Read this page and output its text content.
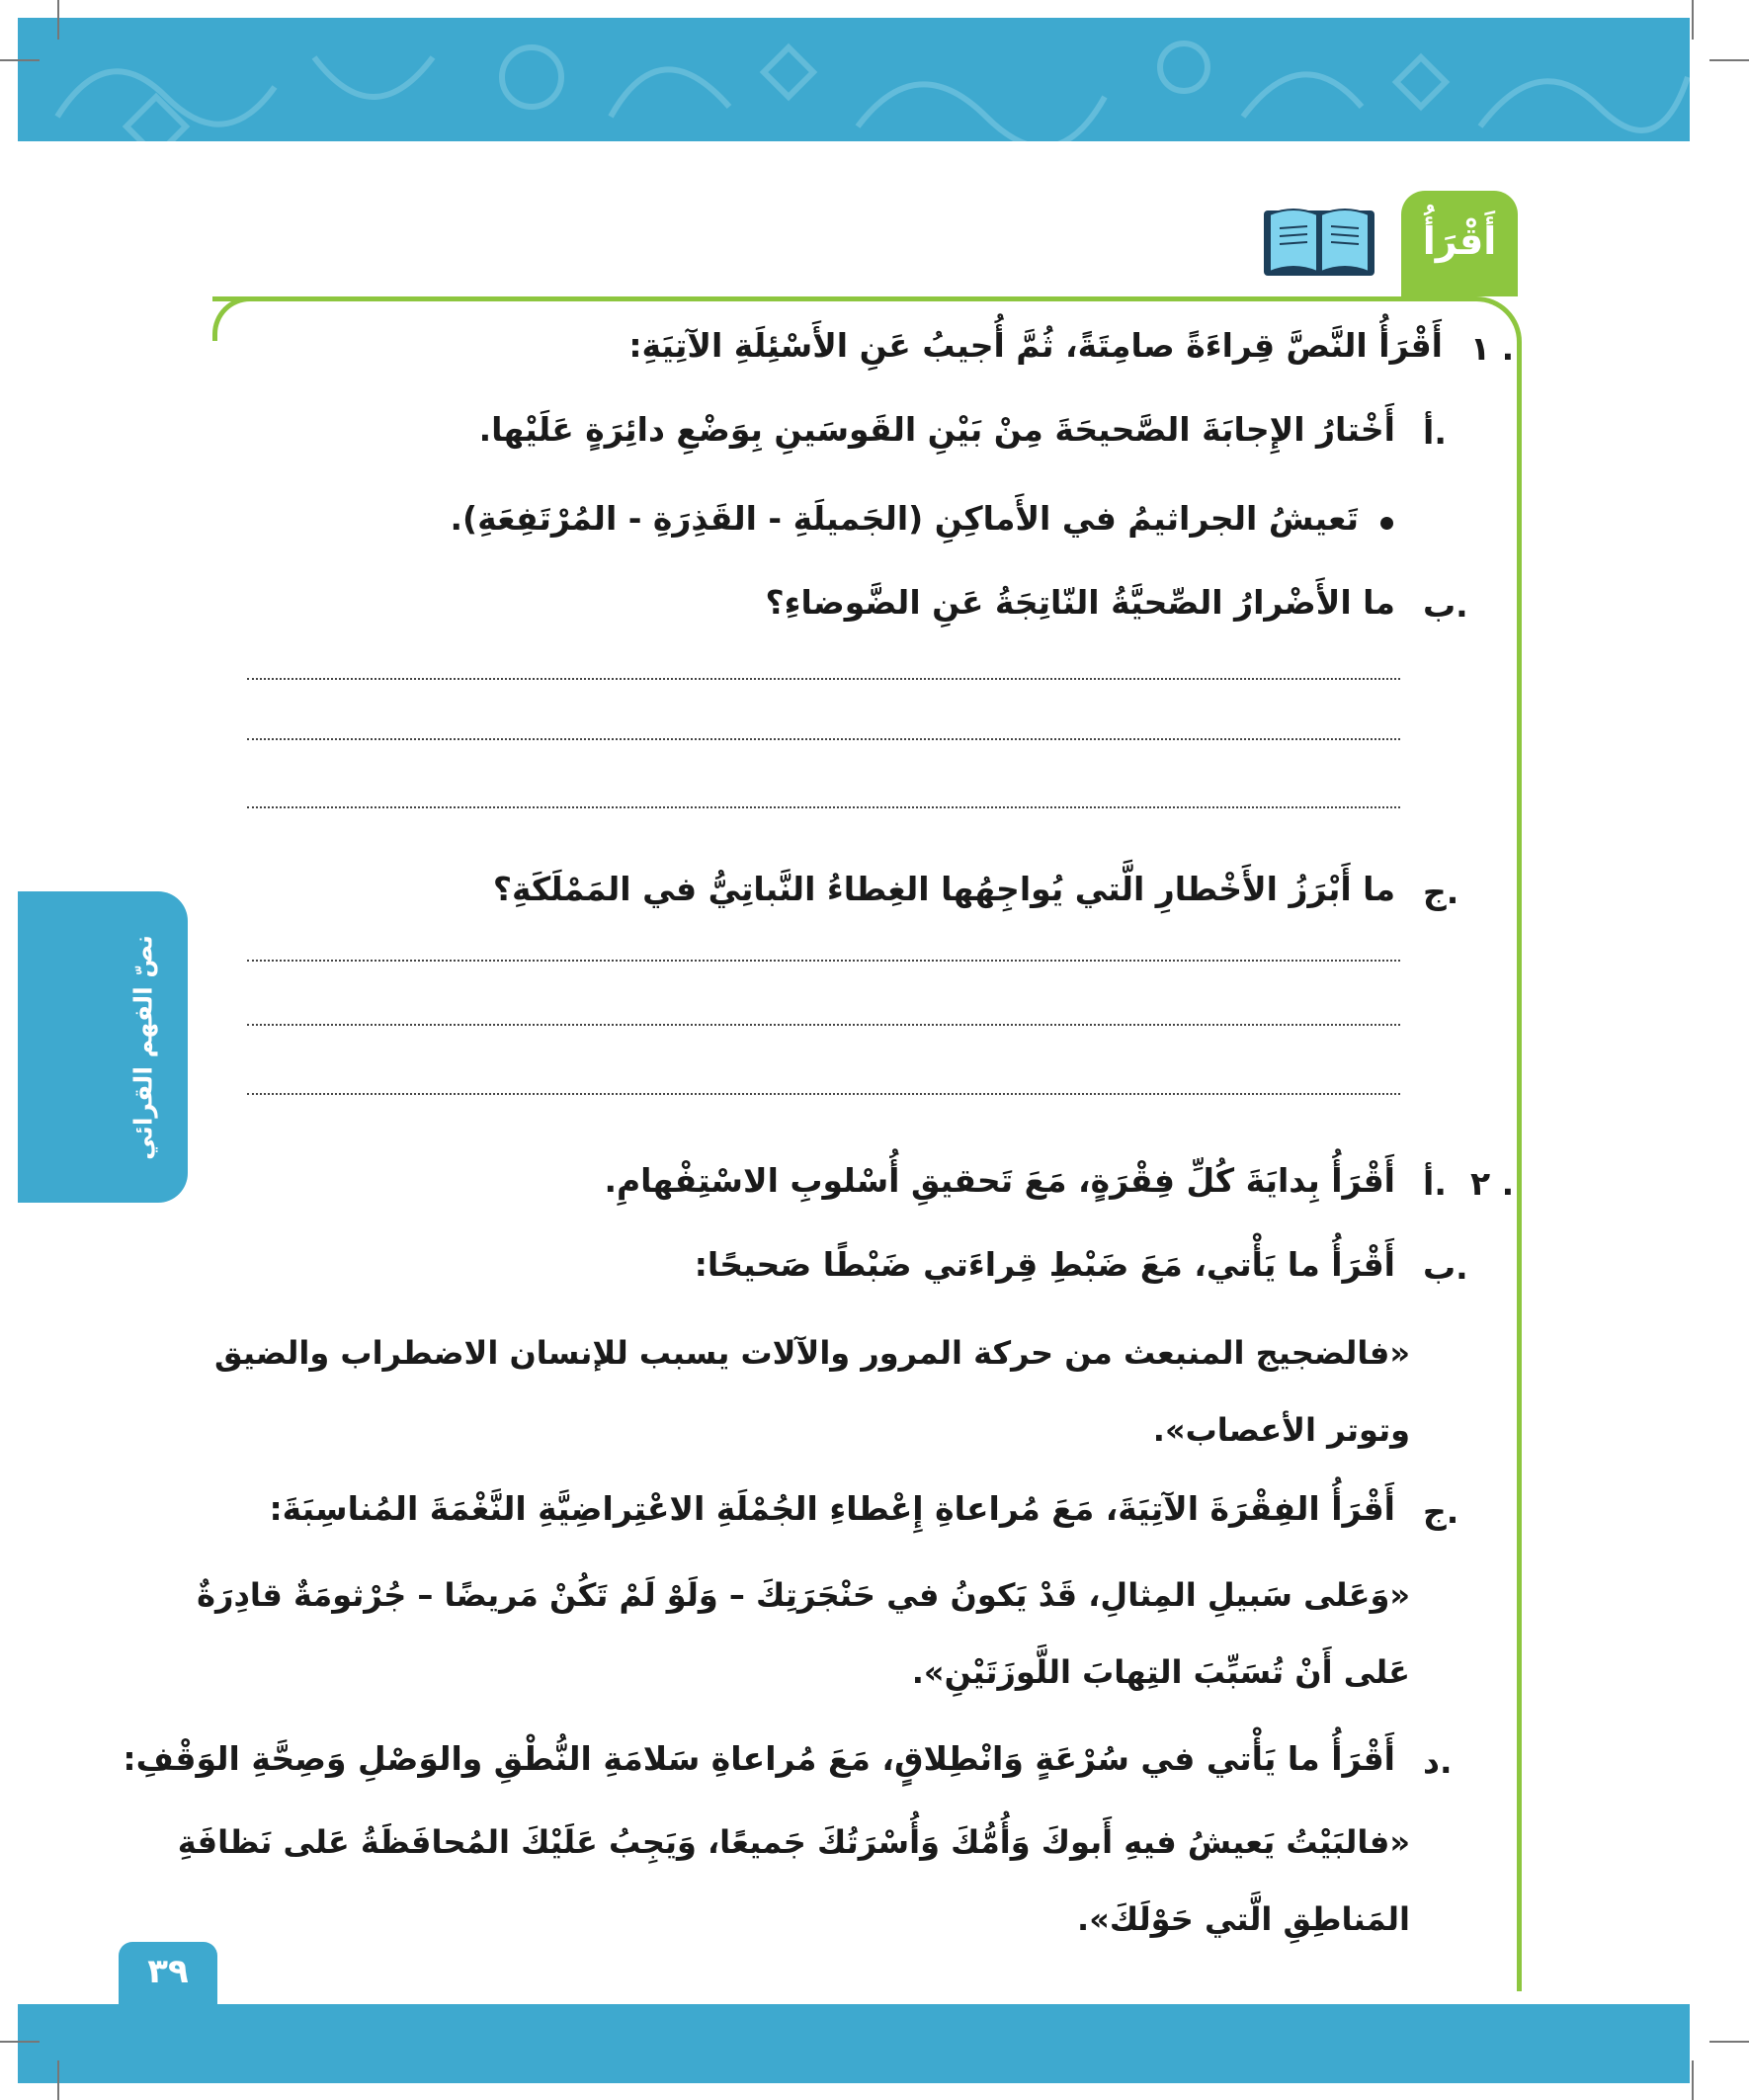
٣٩
نصّ الفهم القرائي
أَقْرَأُ
١ .
أَقْرَأُ النَّصَّ قِراءَةً صامِتَةً، ثُمَّ أُجيبُ عَنِ الأَسْئِلَةِ الآتِيَةِ:
أ.
أَخْتارُ الإِجابَةَ الصَّحيحَةَ مِنْ بَيْنِ القَوسَينِ بِوَضْعِ دائِرَةٍ عَلَيْها.
تَعيشُ الجراثيمُ في الأَماكِنِ (الجَميلَةِ - القَذِرَةِ - المُرْتَفِعَةِ).
ب.
ما الأَضْرارُ الصِّحيَّةُ النّاتِجَةُ عَنِ الضَّوضاءِ؟
ج.
ما أَبْرَزُ الأَخْطارِ الَّتي يُواجِهُها الغِطاءُ النَّباتِيُّ في المَمْلَكَةِ؟
٢ .
أ.
أَقْرَأُ بِدايَةَ كُلِّ فِقْرَةٍ، مَعَ تَحقيقِ أُسْلوبِ الاسْتِفْهامِ.
ب.
أَقْرَأُ ما يَأْتي، مَعَ ضَبْطِ قِراءَتي ضَبْطًا صَحيحًا:
«فالضجيج المنبعث من حركة المرور والآلات يسبب للإنسان الاضطراب والضيق
وتوتر الأعصاب».
ج.
أَقْرَأُ الفِقْرَةَ الآتِيَةَ، مَعَ مُراعاةِ إِعْطاءِ الجُمْلَةِ الاعْتِراضِيَّةِ النَّغْمَةَ المُناسِبَةَ:
«وَعَلى سَبيلِ المِثالِ، قَدْ يَكونُ في حَنْجَرَتِكَ – وَلَوْ لَمْ تَكُنْ مَريضًا – جُرْثومَةٌ قادِرَةٌ
عَلى أَنْ تُسَبِّبَ التِهابَ اللَّوزَتَيْنِ».
د.
أَقْرَأُ ما يَأْتي في سُرْعَةٍ وَانْطِلاقٍ، مَعَ مُراعاةِ سَلامَةِ النُّطْقِ والوَصْلِ وَصِحَّةِ الوَقْفِ:
«فالبَيْتُ يَعيشُ فيهِ أَبوكَ وَأُمُّكَ وَأُسْرَتُكَ جَميعًا، وَيَجِبُ عَلَيْكَ المُحافَظَةُ عَلى نَظافَةِ
المَناطِقِ الَّتي حَوْلَكَ».
